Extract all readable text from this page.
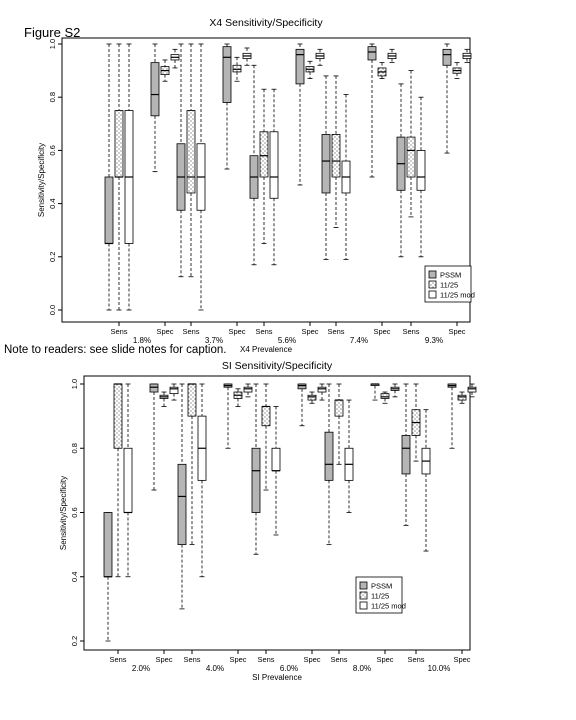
Figure S2
Note to readers: see slide notes for caption.
X4 Sensitivity/Specificity
0.0
0.2
0.4
0.6
0.8
1.0
Sensitivity/Specificity
Sens	Spec
1.8%
Sens	Spec
3.7%
Sens	Spec
5.6%
Sens	Spec
7.4%
Sens	Spec
9.3%
X4 Prevalence
PSSM
11/25
11/25 mod
SI Sensitivity/Specificity
0.2
0.4
0.6
0.8
1.0
Sensitivity/Specificity
Sens	Spec
2.0%
Sens	Spec
4.0%
Sens	Spec
6.0%
Sens	Spec
8.0%
Sens	Spec
10.0%
SI Prevalence
PSSM
11/25
11/25 mod
